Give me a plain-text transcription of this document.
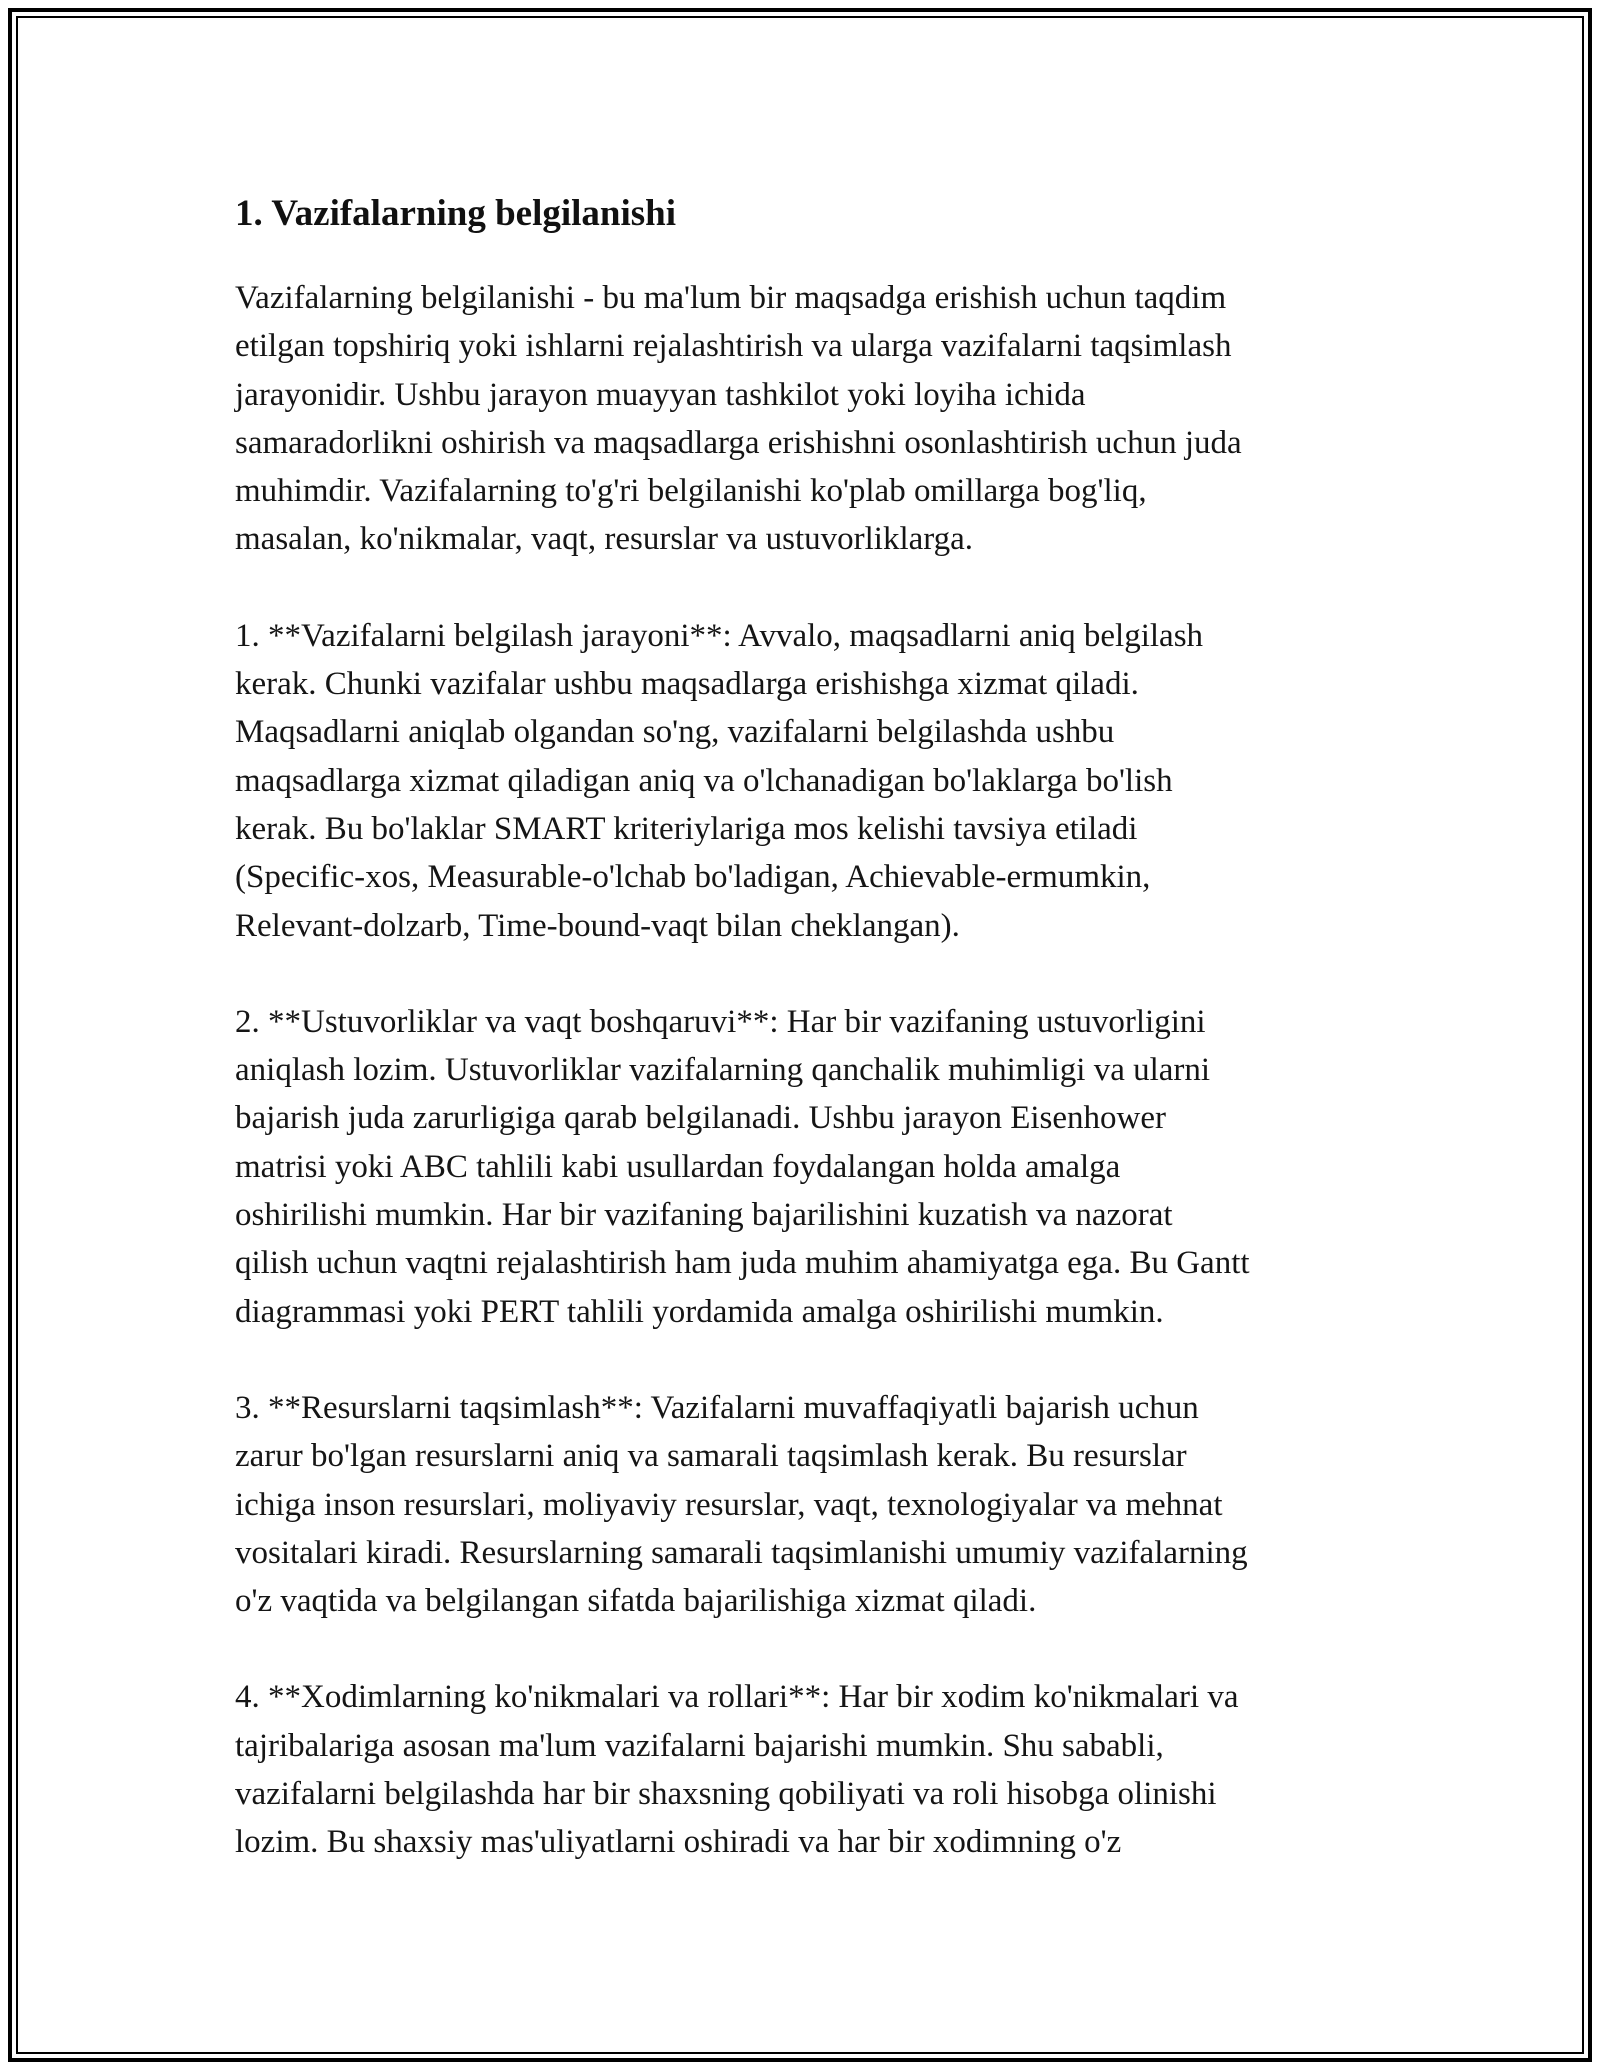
1. Vazifalarning belgilanishi

Vazifalarning belgilanishi - bu ma'lum bir maqsadga erishish uchun taqdim
etilgan topshiriq yoki ishlarni rejalashtirish va ularga vazifalarni taqsimlash
jarayonidir. Ushbu jarayon muayyan tashkilot yoki loyiha ichida
samaradorlikni oshirish va maqsadlarga erishishni osonlashtirish uchun juda
muhimdir. Vazifalarning to'g'ri belgilanishi ko'plab omillarga bog'liq,
masalan, ko'nikmalar, vaqt, resurslar va ustuvorliklarga.

1. **Vazifalarni belgilash jarayoni**: Avvalo, maqsadlarni aniq belgilash
kerak. Chunki vazifalar ushbu maqsadlarga erishishga xizmat qiladi.
Maqsadlarni aniqlab olgandan so'ng, vazifalarni belgilashda ushbu
maqsadlarga xizmat qiladigan aniq va o'lchanadigan bo'laklarga bo'lish
kerak. Bu bo'laklar SMART kriteriylariga mos kelishi tavsiya etiladi
(Specific-xos, Measurable-o'lchab bo'ladigan, Achievable-ermumkin,
Relevant-dolzarb, Time-bound-vaqt bilan cheklangan).

2. **Ustuvorliklar va vaqt boshqaruvi**: Har bir vazifaning ustuvorligini
aniqlash lozim. Ustuvorliklar vazifalarning qanchalik muhimligi va ularni
bajarish juda zarurligiga qarab belgilanadi. Ushbu jarayon Eisenhower
matrisi yoki ABC tahlili kabi usullardan foydalangan holda amalga
oshirilishi mumkin. Har bir vazifaning bajarilishini kuzatish va nazorat
qilish uchun vaqtni rejalashtirish ham juda muhim ahamiyatga ega. Bu Gantt
diagrammasi yoki PERT tahlili yordamida amalga oshirilishi mumkin.

3. **Resurslarni taqsimlash**: Vazifalarni muvaffaqiyatli bajarish uchun
zarur bo'lgan resurslarni aniq va samarali taqsimlash kerak. Bu resurslar
ichiga inson resurslari, moliyaviy resurslar, vaqt, texnologiyalar va mehnat
vositalari kiradi. Resurslarning samarali taqsimlanishi umumiy vazifalarning
o'z vaqtida va belgilangan sifatda bajarilishiga xizmat qiladi.

4. **Xodimlarning ko'nikmalari va rollari**: Har bir xodim ko'nikmalari va
tajribalariga asosan ma'lum vazifalarni bajarishi mumkin. Shu sababli,
vazifalarni belgilashda har bir shaxsning qobiliyati va roli hisobga olinishi
lozim. Bu shaxsiy mas'uliyatlarni oshiradi va har bir xodimning o'z
